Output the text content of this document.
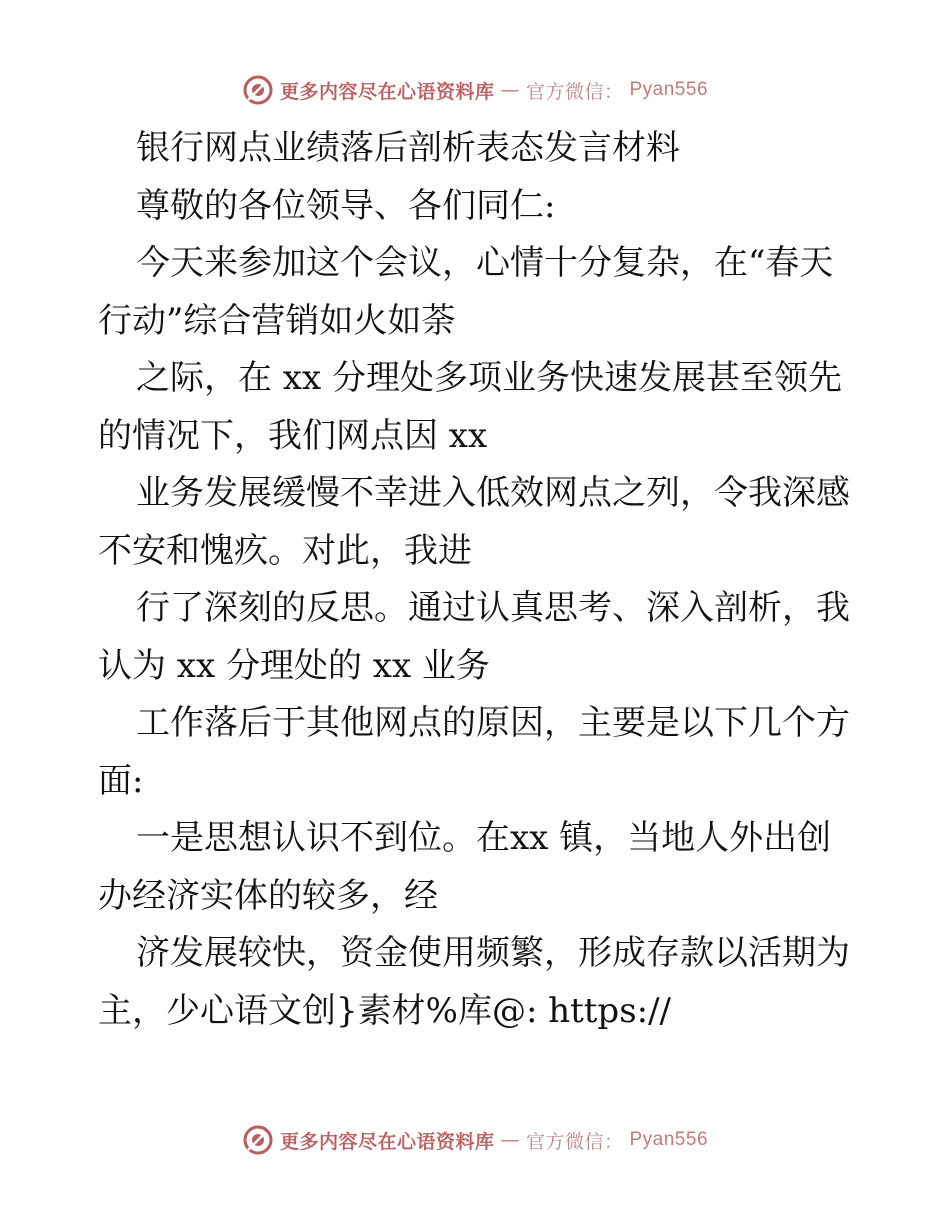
更多内容尽在心语资料库 — 官方微信： Pyan556

银行网点业绩落后剖析表态发言材料

尊敬的各位领导、各们同仁:

今天来参加这个会议，心情十分复杂，在“春天行动”综合营销如火如荼

之际，在 xx 分理处多项业务快速发展甚至领先的情况下，我们网点因 xx

业务发展缓慢不幸进入低效网点之列，令我深感不安和愧疚。对此，我进

行了深刻的反思。通过认真思考、深入剖析，我认为 xx 分理处的 xx 业务

工作落后于其他网点的原因，主要是以下几个方面:

一是思想认识不到位。在xx 镇，当地人外出创办经济实体的较多，经

济发展较快，资金使用频繁，形成存款以活期为主，少心语文创}素材%库@: https://

更多内容尽在心语资料库 — 官方微信： Pyan556
